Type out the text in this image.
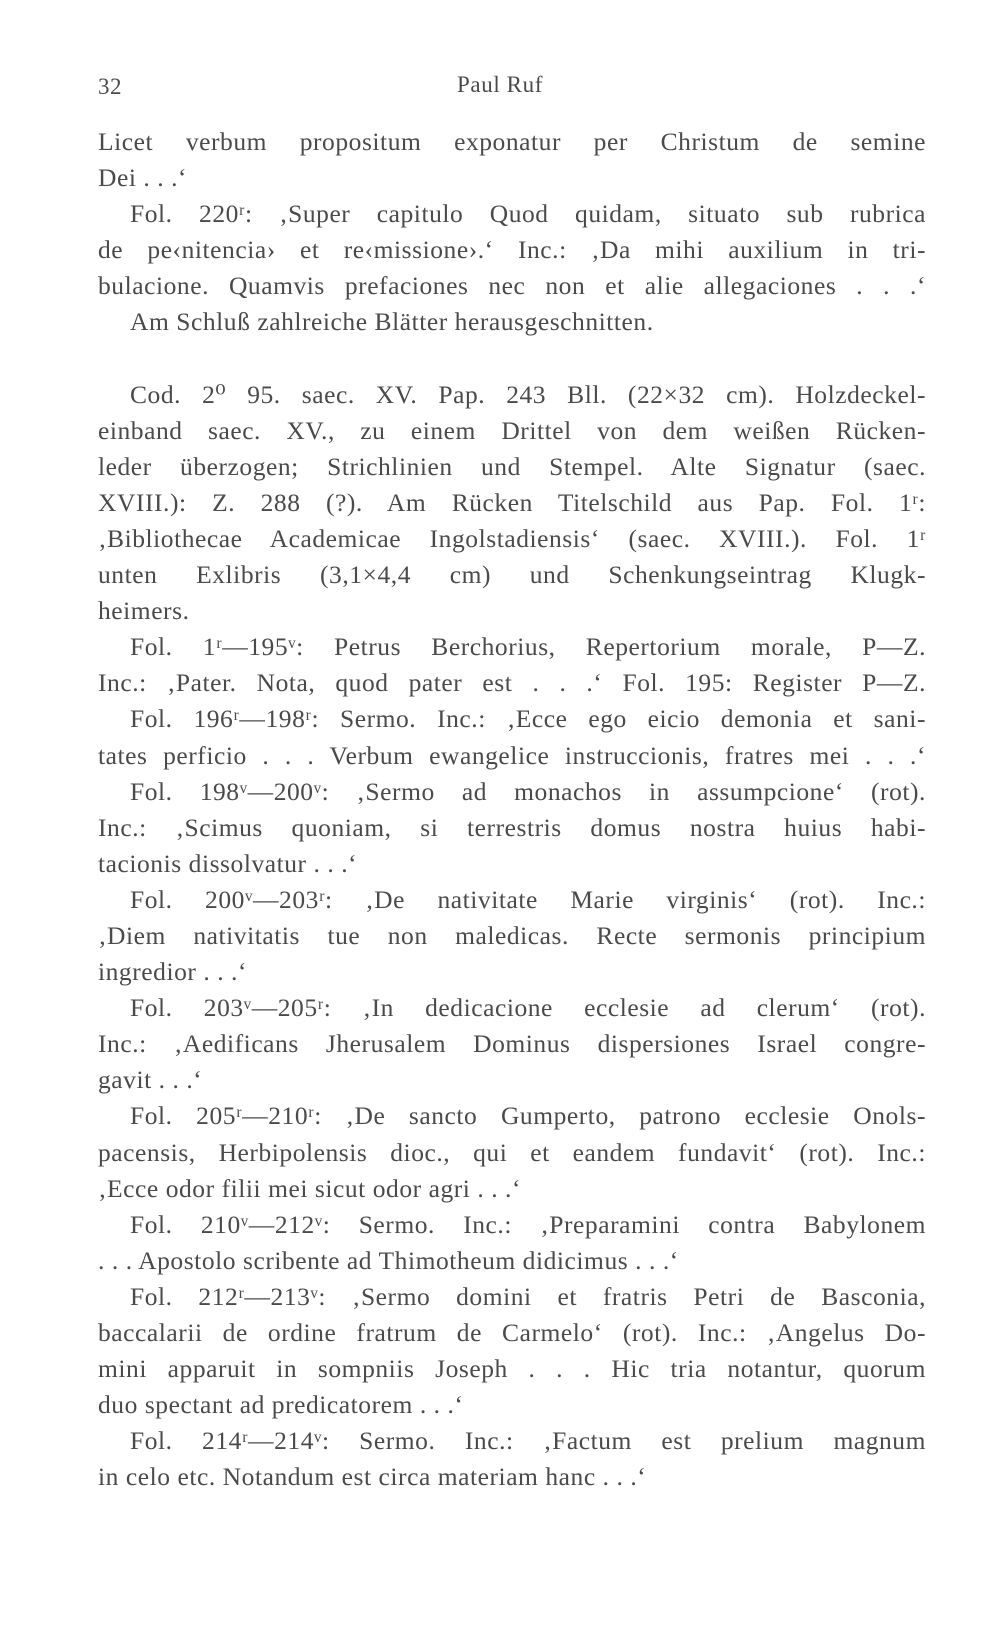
32	Paul Ruf
Licet verbum propositum exponatur per Christum de semine
Dei . . .‘
Fol. 220ʳ: ‚Super capitulo Quod quidam, situato sub rubrica
de pe‹nitencia› et re‹missione›.‘ Inc.: ‚Da mihi auxilium in tri-
bulacione. Quamvis prefaciones nec non et alie allegaciones . . .‘
Am Schluß zahlreiche Blätter herausgeschnitten.
Cod. 2⁰ 95. saec. XV. Pap. 243 Bll. (22×32 cm). Holzdeckel-
einband saec. XV., zu einem Drittel von dem weißen Rücken-
leder überzogen; Strichlinien und Stempel. Alte Signatur (saec.
XVIII.): Z. 288 (?). Am Rücken Titelschild aus Pap. Fol. 1ʳ:
‚Bibliothecae Academicae Ingolstadiensis‘ (saec. XVIII.). Fol. 1ʳ
unten Exlibris (3,1×4,4 cm) und Schenkungseintrag Klugk-
heimers.
Fol. 1ʳ—195ᵛ: Petrus Berchorius, Repertorium morale, P—Z.
Inc.: ‚Pater. Nota, quod pater est . . .‘ Fol. 195: Register P—Z.
Fol. 196ʳ—198ʳ: Sermo. Inc.: ‚Ecce ego eicio demonia et sani-
tates perficio . . . Verbum ewangelice instruccionis, fratres mei . . .‘
Fol. 198ᵛ—200ᵛ: ‚Sermo ad monachos in assumpcione‘ (rot).
Inc.: ‚Scimus quoniam, si terrestris domus nostra huius habi-
tacionis dissolvatur . . .‘
Fol. 200ᵛ—203ʳ: ‚De nativitate Marie virginis‘ (rot). Inc.:
‚Diem nativitatis tue non maledicas. Recte sermonis principium
ingredior . . .‘
Fol. 203ᵛ—205ʳ: ‚In dedicacione ecclesie ad clerum‘ (rot).
Inc.: ‚Aedificans Jherusalem Dominus dispersiones Israel congre-
gavit . . .‘
Fol. 205ʳ—210ʳ: ‚De sancto Gumperto, patrono ecclesie Onols-
pacensis, Herbipolensis dioc., qui et eandem fundavit‘ (rot). Inc.:
‚Ecce odor filii mei sicut odor agri . . .‘
Fol. 210ᵛ—212ᵛ: Sermo. Inc.: ‚Preparamini contra Babylonem
. . . Apostolo scribente ad Thimotheum didicimus . . .‘
Fol. 212ʳ—213ᵛ: ‚Sermo domini et fratris Petri de Basconia,
baccalarii de ordine fratrum de Carmelo‘ (rot). Inc.: ‚Angelus Do-
mini apparuit in sompniis Joseph . . . Hic tria notantur, quorum
duo spectant ad predicatorem . . .‘
Fol. 214ʳ—214ᵛ: Sermo. Inc.: ‚Factum est prelium magnum
in celo etc. Notandum est circa materiam hanc . . .‘
